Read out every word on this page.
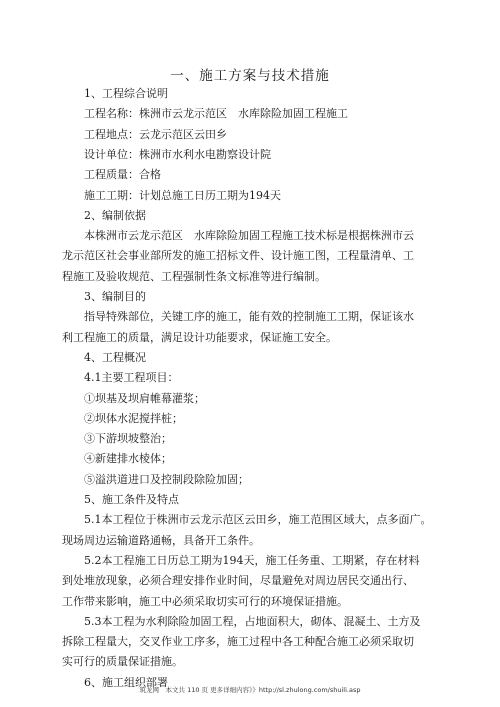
一、施工方案与技术措施
筑龙网　本文共 110 页 更多详细内容》》http://sl.zhulong.com/shuili.asp
1、工程综合说明
工程名称：株洲市云龙示范区　水库除险加固工程施工
工程地点：云龙示范区云田乡
设计单位：株洲市水利水电勘察设计院
工程质量：合格
施工工期：计划总施工日历工期为194天
2、编制依据
本株洲市云龙示范区　水库除险加固工程施工技术标是根据株洲市云
龙示范区社会事业部所发的施工招标文件、设计施工图，工程量清单、工
程施工及验收规范、工程强制性条文标准等进行编制。
3、编制目的
指导特殊部位，关键工序的施工，能有效的控制施工工期，保证该水
利工程施工的质量，满足设计功能要求，保证施工安全。
4、工程概况
4.1主要工程项目：
①坝基及坝肩帷幕灌浆；
②坝体水泥搅拌桩；
③下游坝坡整治；
④新建排水棱体；
⑤溢洪道进口及控制段除险加固；
5、施工条件及特点
5.1本工程位于株洲市云龙示范区云田乡，施工范围区域大，点多面广。
现场周边运输道路通畅，具备开工条件。
5.2本工程施工日历总工期为194天，施工任务重、工期紧，存在材料
到处堆放现象，必须合理安排作业时间，尽量避免对周边居民交通出行、
工作带来影响，施工中必须采取切实可行的环境保证措施。
5.3本工程为水利除险加固工程，占地面积大，砌体、混凝土、土方及
拆除工程量大，交叉作业工序多，施工过程中各工种配合施工必须采取切
实可行的质量保证措施。
6、施工组织部署
